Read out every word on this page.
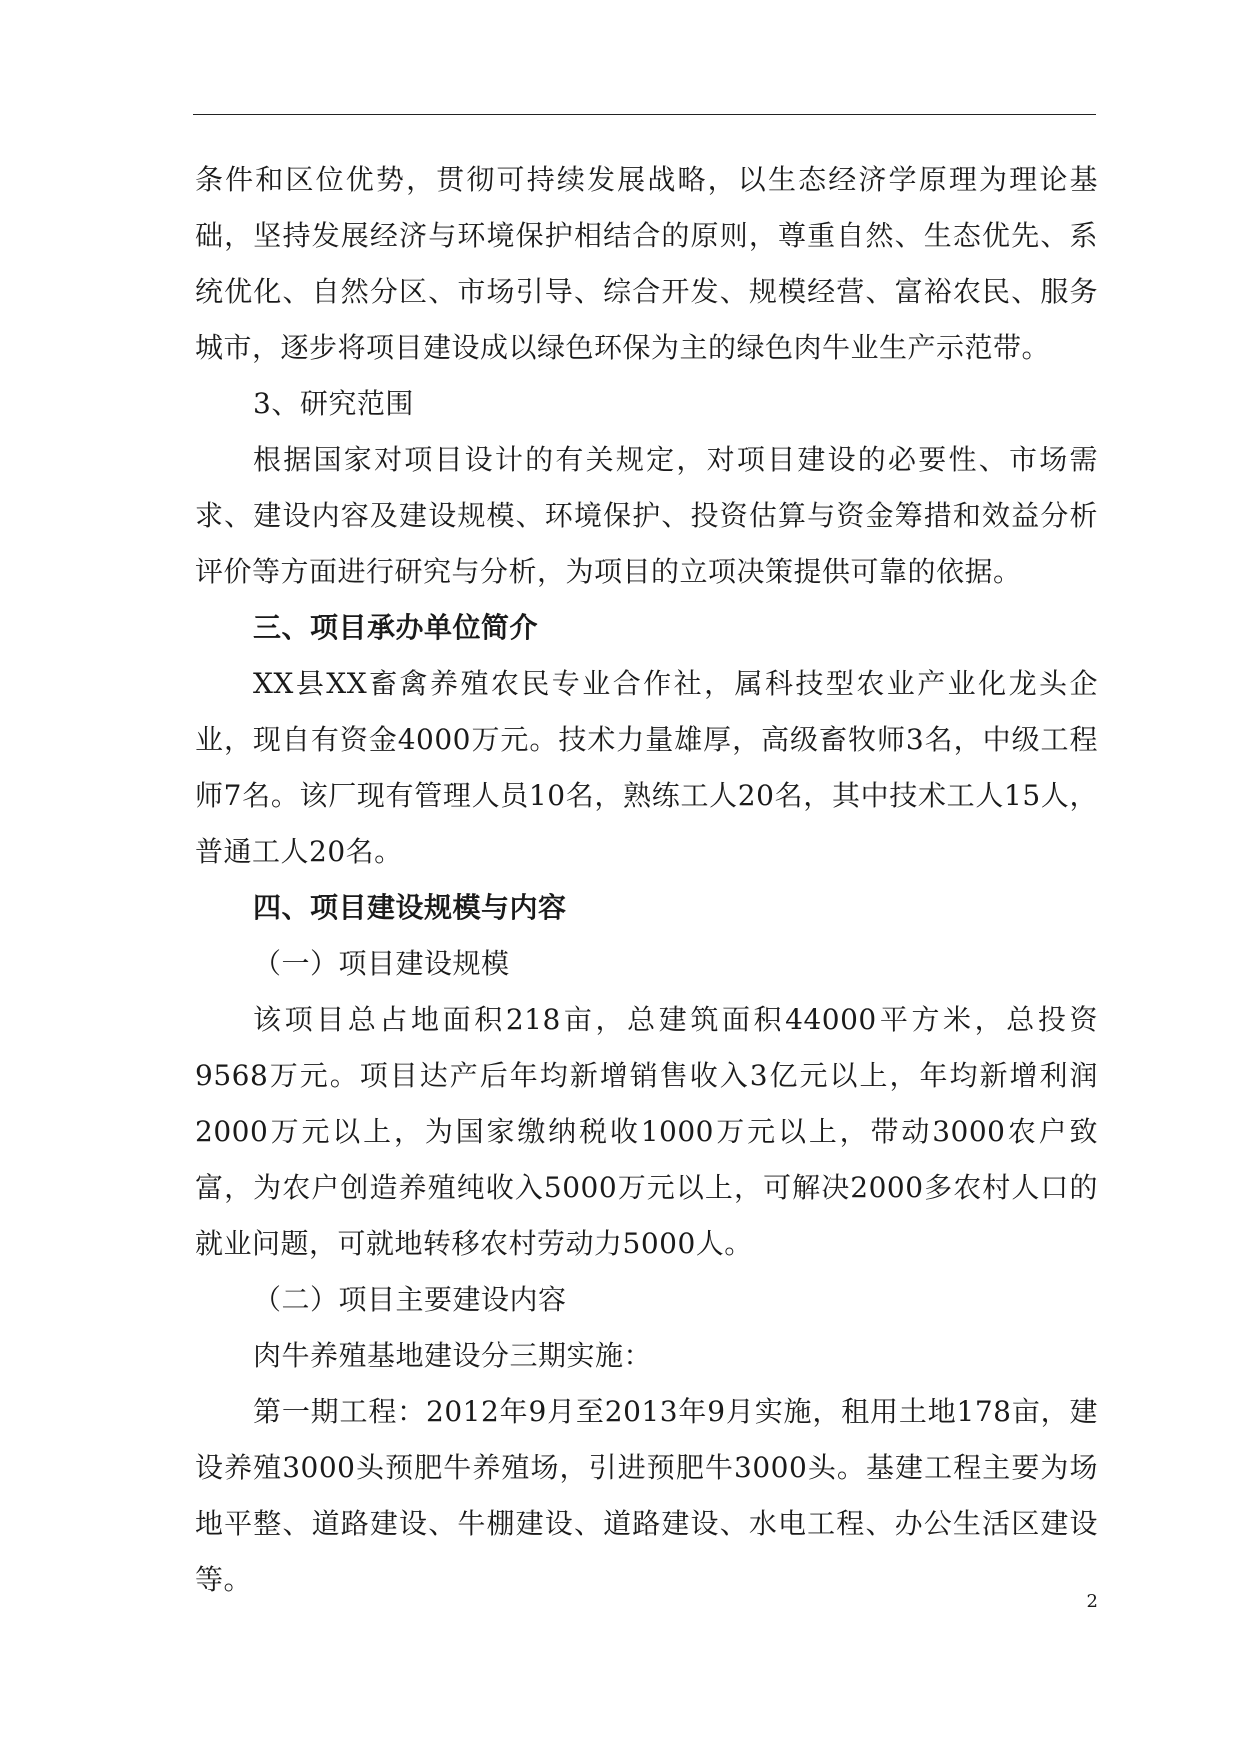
条件和区位优势，贯彻可持续发展战略，以生态经济学原理为理论基础，坚持发展经济与环境保护相结合的原则，尊重自然、生态优先、系统优化、自然分区、市场引导、综合开发、规模经营、富裕农民、服务城市，逐步将项目建设成以绿色环保为主的绿色肉牛业生产示范带。

3、研究范围

根据国家对项目设计的有关规定，对项目建设的必要性、市场需求、建设内容及建设规模、环境保护、投资估算与资金筹措和效益分析评价等方面进行研究与分析，为项目的立项决策提供可靠的依据。

三、项目承办单位简介

XX县XX畜禽养殖农民专业合作社，属科技型农业产业化龙头企业，现自有资金4000万元。技术力量雄厚，高级畜牧师3名，中级工程师7名。该厂现有管理人员10名，熟练工人20名，其中技术工人15人，普通工人20名。

四、项目建设规模与内容

（一）项目建设规模

该项目总占地面积218亩，总建筑面积44000平方米，总投资9568万元。项目达产后年均新增销售收入3亿元以上，年均新增利润2000万元以上，为国家缴纳税收1000万元以上，带动3000农户致富，为农户创造养殖纯收入5000万元以上，可解决2000多农村人口的就业问题，可就地转移农村劳动力5000人。

（二）项目主要建设内容

肉牛养殖基地建设分三期实施：

第一期工程：2012年9月至2013年9月实施，租用土地178亩，建设养殖3000头预肥牛养殖场，引进预肥牛3000头。基建工程主要为场地平整、道路建设、牛棚建设、道路建设、水电工程、办公生活区建设等。

2
